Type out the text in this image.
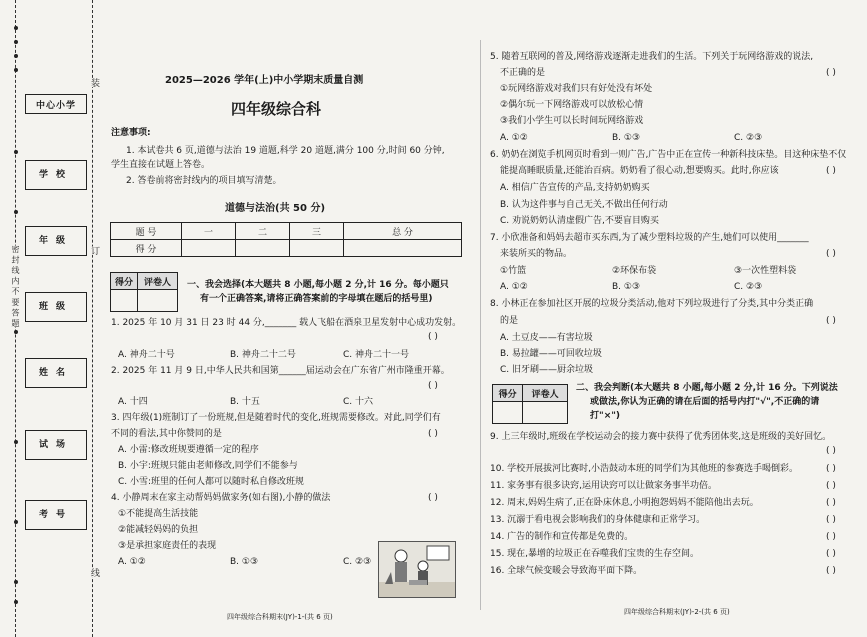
装
订
线
密 封 线 内 不 要 答 题
中心小学
学校
年级
班级
姓名
试场
考号
2025—2026 学年(上)中小学期末质量自测
四年级综合科
注意事项:
1. 本试卷共 6 页,道德与法治 19 道题,科学 20 道题,满分 100 分,时间 60 分钟,
学生直接在试题上答卷。
2. 答卷前将密封线内的项目填写清楚。
道德与法治(共 50 分)
题 号	一	二	三	总 分
得 分				
得分	评卷人
	一、我会选择(本大题共 8 小题,每小题 2 分,计 16 分。每小题只
有一个正确答案,请将正确答案前的字母填在题后的括号里)
1. 2025 年 10 月 31 日 23 时 44 分,_______ 载人飞船在酒泉卫星发射中心成功发射。
( )
A. 神舟二十号	B. 神舟二十二号	C. 神舟二十一号
2. 2025 年 11 月 9 日,中华人民共和国第______届运动会在广东省广州市隆重开幕。
( )
A. 十四	B. 十五	C. 十六
3. 四年级(1)班制订了一份班规,但是随着时代的变化,班规需要修改。对此,同学们有
不同的看法,其中你赞同的是	( )
A. 小雷:修改班规要遵循一定的程序
B. 小宇:班规只能由老师修改,同学们不能参与
C. 小雪:班里的任何人都可以随时私自修改班规
4. 小静周末在家主动帮妈妈做家务(如右图),小静的做法	( )
①不能提高生活技能
②能减轻妈妈的负担
③是承担家庭责任的表现
A. ①②	B. ①③	C. ②③
四年级综合科期末(JY)-1-(共 6 页)
5. 随着互联网的普及,网络游戏逐渐走进我们的生活。下列关于玩网络游戏的说法,
不正确的是	( )
①玩网络游戏对我们只有好处没有坏处
②偶尔玩一下网络游戏可以放松心情
③我们小学生可以长时间玩网络游戏
A. ①②	B. ①③	C. ②③
6. 奶奶在浏览手机网页时看到一则广告,广告中正在宣传一种新科技床垫。目这种床垫不仅
能提高睡眠质量,还能治百病。奶奶看了很心动,想要购买。此时,你应该	( )
A. 相信广告宣传的产品,支持奶奶购买
B. 认为这件事与自己无关,不做出任何行动
C. 劝说奶奶认清虚假广告,不要盲目购买
7. 小欣准备和妈妈去超市买东西,为了减少塑料垃圾的产生,她们可以使用_______
来装所买的物品。	( )
①竹篮	②环保布袋	③一次性塑料袋
A. ①②	B. ①③	C. ②③
8. 小林正在参加社区开展的垃圾分类活动,他对下列垃圾进行了分类,其中分类正确
的是	( )
A. 土豆皮——有害垃圾
B. 易拉罐——可回收垃圾
C. 旧牙刷——厨余垃圾
得分	评卷人

二、我会判断(本大题共 8 小题,每小题 2 分,计 16 分。下列说法
或做法,你认为正确的请在后面的括号内打"√",不正确的请
打"×")
9. 上三年级时,班级在学校运动会的接力赛中获得了优秀团体奖,这是班级的美好回忆。
( )
10. 学校开展拔河比赛时,小浩鼓动本班的同学们为其他班的参赛选手喝倒彩。	( )
11. 家务事有很多诀窍,运用诀窍可以让做家务事半功倍。	( )
12. 周末,妈妈生病了,正在卧床休息,小明抱怨妈妈不能陪他出去玩。	( )
13. 沉溺于看电视会影响我们的身体健康和正常学习。	( )
14. 广告的制作和宣传都是免费的。	( )
15. 现在,暴增的垃圾正在吞噬我们宝贵的生存空间。	( )
16. 全球气候变暖会导致海平面下降。	( )
四年级综合科期末(JY)-2-(共 6 页)
